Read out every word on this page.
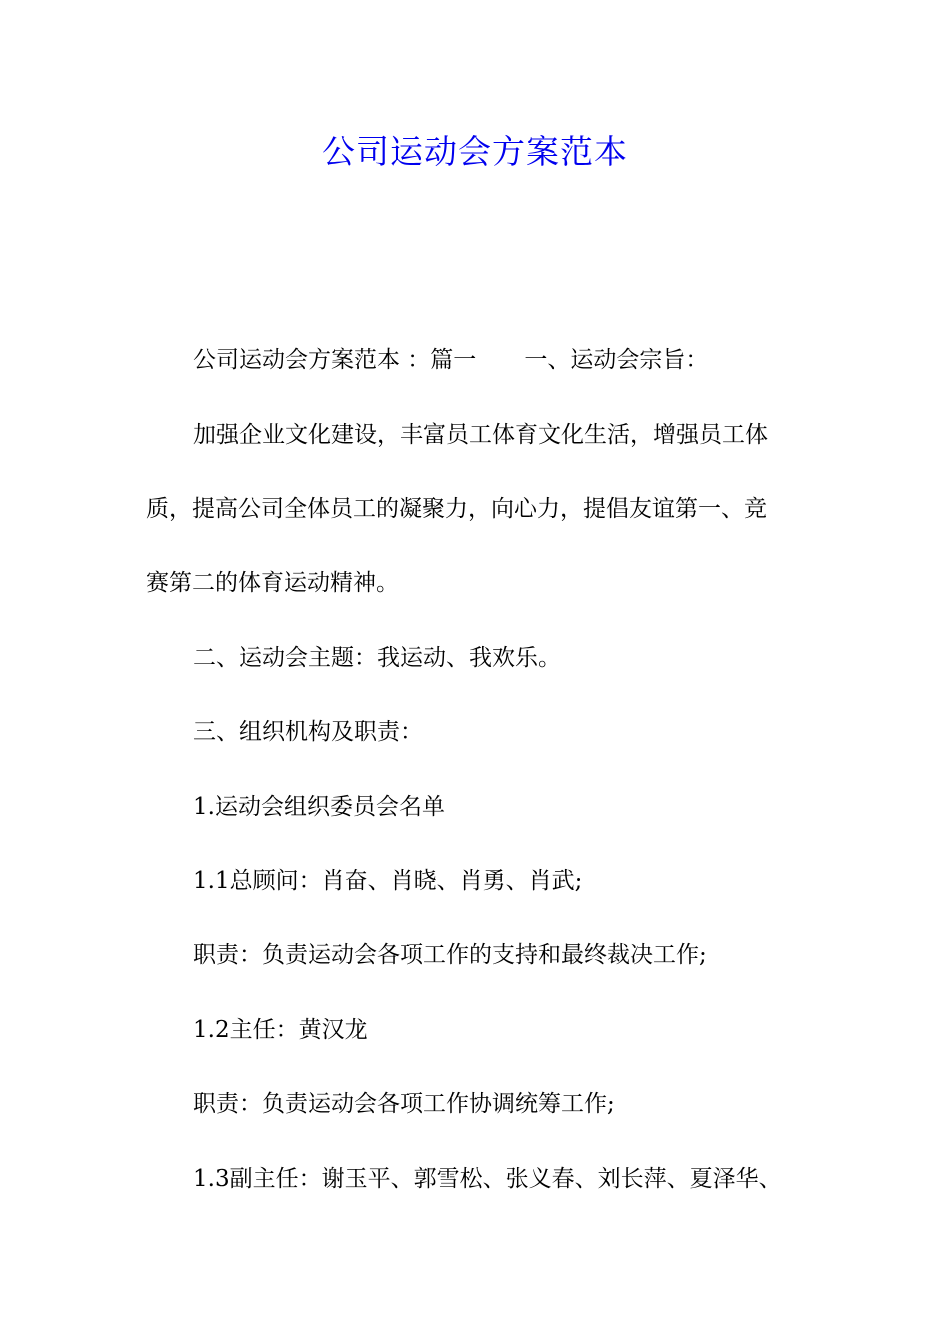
公司运动会方案范本
公司运动会方案范本 ：篇一 一、运动会宗旨：
加强企业文化建设，丰富员工体育文化生活，增强员工体
质，提高公司全体员工的凝聚力，向心力，提倡友谊第一、竞
赛第二的体育运动精神。
二、运动会主题：我运动、我欢乐。
三、组织机构及职责：
1.运动会组织委员会名单
1.1总顾问：肖奋、肖晓、肖勇、肖武;
职责：负责运动会各项工作的支持和最终裁决工作;
1.2主任：黄汉龙
职责：负责运动会各项工作协调统筹工作;
1.3副主任：谢玉平、郭雪松、张义春、刘长萍、夏泽华、
